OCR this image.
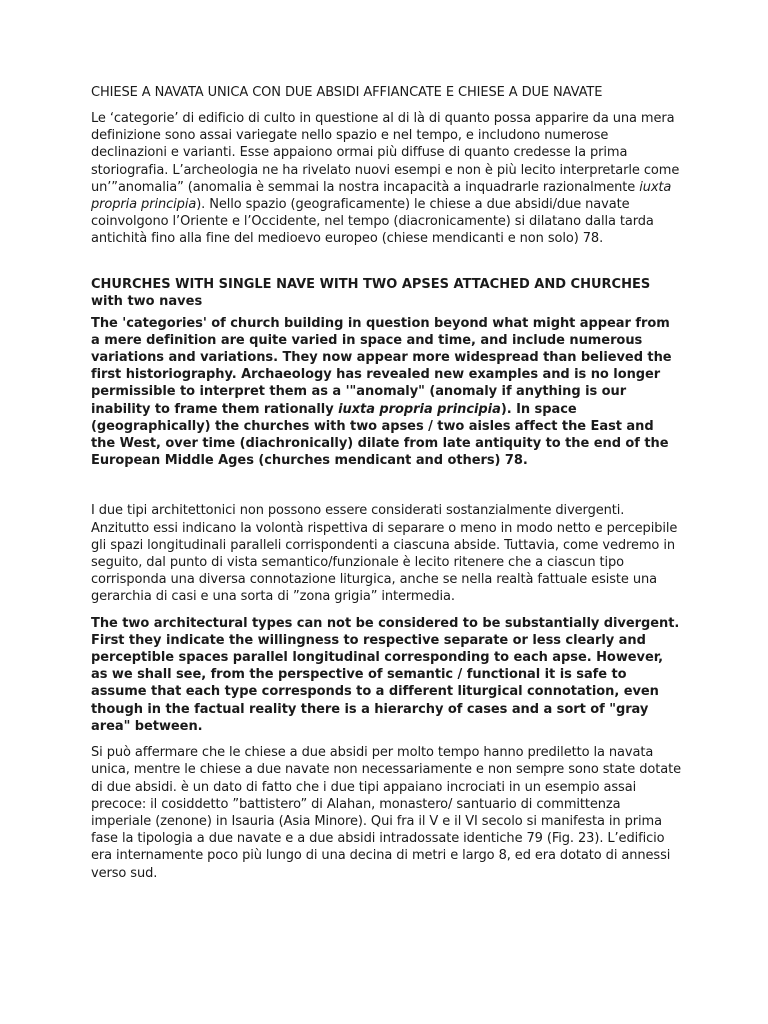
CHIESE A NAVATA UNICA CON DUE ABSIDI AFFIANCATE E CHIESE A DUE NAVATE

Le ‘categorie’ di edificio di culto in questione al di là di quanto possa apparire da una mera definizione sono assai variegate nello spazio e nel tempo, e includono numerose declinazioni e varianti. Esse appaiono ormai più diffuse di quanto credesse la prima storiografia. L’archeologia ne ha rivelato nuovi esempi e non è più lecito interpretarle come un’”anomalia” (anomalia è semmai la nostra incapacità a inquadrarle razionalmente iuxta propria principia). Nello spazio (geograficamente) le chiese a due absidi/due navate coinvolgono l’Oriente e l’Occidente, nel tempo (diacronicamente) si dilatano dalla tarda antichità fino alla fine del medioevo europeo (chiese mendicanti e non solo) 78.

CHURCHES WITH SINGLE NAVE WITH TWO APSES ATTACHED AND CHURCHES with two naves

The 'categories' of church building in question beyond what might appear from a mere definition are quite varied in space and time, and include numerous variations and variations. They now appear more widespread than believed the first historiography. Archaeology has revealed new examples and is no longer permissible to interpret them as a '"anomaly" (anomaly if anything is our inability to frame them rationally iuxta propria principia). In space (geographically) the churches with two apses / two aisles affect the East and the West, over time (diachronically) dilate from late antiquity to the end of the European Middle Ages (churches mendicant and others) 78.

I due tipi architettonici non possono essere considerati sostanzialmente divergenti. Anzitutto essi indicano la volontà rispettiva di separare o meno in modo netto e percepibile gli spazi longitudinali paralleli corrispondenti a ciascuna abside. Tuttavia, come vedremo in seguito, dal punto di vista semantico/funzionale è lecito ritenere che a ciascun tipo corrisponda una diversa connotazione liturgica, anche se nella realtà fattuale esiste una gerarchia di casi e una sorta di ”zona grigia” intermedia.

The two architectural types can not be considered to be substantially divergent. First they indicate the willingness to respective separate or less clearly and perceptible spaces parallel longitudinal corresponding to each apse. However, as we shall see, from the perspective of semantic / functional it is safe to assume that each type corresponds to a different liturgical connotation, even though in the factual reality there is a hierarchy of cases and a sort of "gray area" between.

Si può affermare che le chiese a due absidi per molto tempo hanno prediletto la navata unica, mentre le chiese a due navate non necessariamente e non sempre sono state dotate di due absidi. è un dato di fatto che i due tipi appaiano incrociati in un esempio assai precoce: il cosiddetto ”battistero” di Alahan, monastero/ santuario di committenza imperiale (zenone) in Isauria (Asia Minore). Qui fra il V e il VI secolo si manifesta in prima fase la tipologia a due navate e a due absidi intradossate identiche 79 (Fig. 23). L’edificio era internamente poco più lungo di una decina di metri e largo 8, ed era dotato di annessi verso sud.
